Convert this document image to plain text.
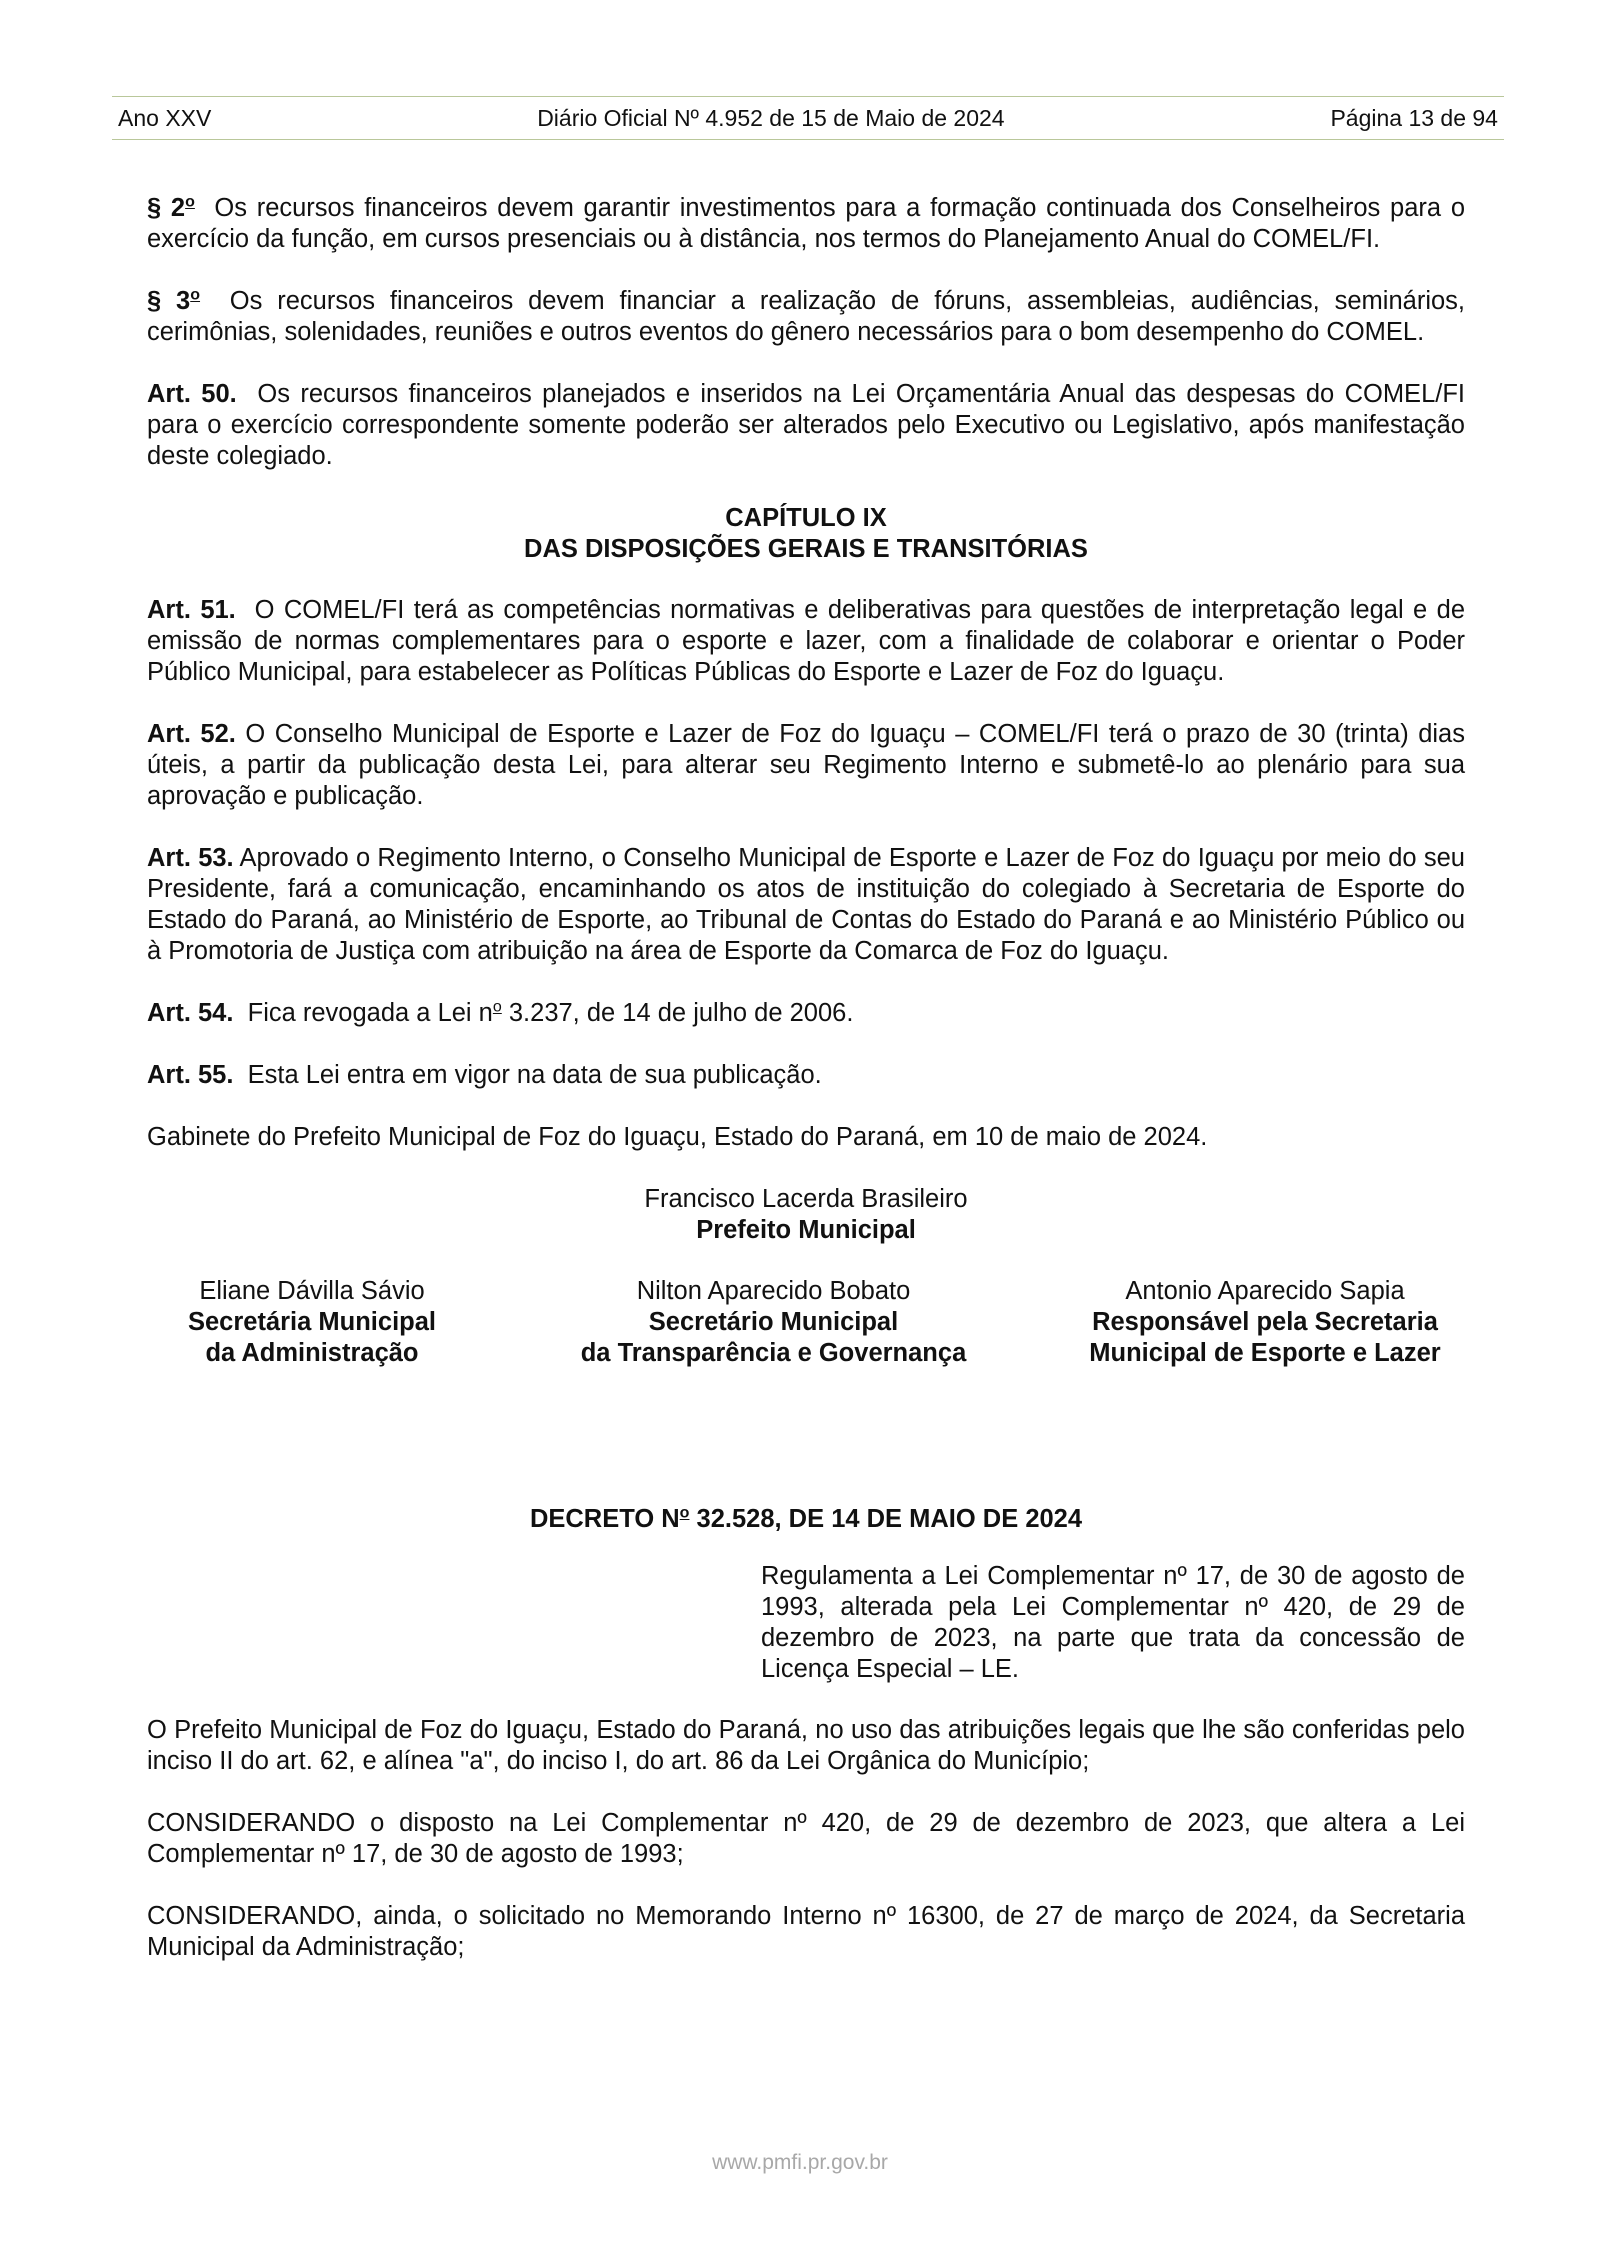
Ano XXV	Diário Oficial Nº 4.952 de 15 de Maio de 2024	Página 13 de 94

§ 2$^o$ Os recursos financeiros devem garantir investimentos para a formação continuada dos Conselheiros para o exercício da função, em cursos presenciais ou à distância, nos termos do Planejamento Anual do COMEL/FI.

§ 3$^o$ Os recursos financeiros devem financiar a realização de fóruns, assembleias, audiências, seminários, cerimônias, solenidades, reuniões e outros eventos do gênero necessários para o bom desempenho do COMEL.

Art. 50. Os recursos financeiros planejados e inseridos na Lei Orçamentária Anual das despesas do COMEL/FI para o exercício correspondente somente poderão ser alterados pelo Executivo ou Legislativo, após manifestação deste colegiado.

CAPÍTULO IX
DAS DISPOSIÇÕES GERAIS E TRANSITÓRIAS

Art. 51. O COMEL/FI terá as competências normativas e deliberativas para questões de interpretação legal e de emissão de normas complementares para o esporte e lazer, com a finalidade de colaborar e orientar o Poder Público Municipal, para estabelecer as Políticas Públicas do Esporte e Lazer de Foz do Iguaçu.

Art. 52. O Conselho Municipal de Esporte e Lazer de Foz do Iguaçu – COMEL/FI terá o prazo de 30 (trinta) dias úteis, a partir da publicação desta Lei, para alterar seu Regimento Interno e submetê-lo ao plenário para sua aprovação e publicação.

Art. 53. Aprovado o Regimento Interno, o Conselho Municipal de Esporte e Lazer de Foz do Iguaçu por meio do seu Presidente, fará a comunicação, encaminhando os atos de instituição do colegiado à Secretaria de Esporte do Estado do Paraná, ao Ministério de Esporte, ao Tribunal de Contas do Estado do Paraná e ao Ministério Público ou à Promotoria de Justiça com atribuição na área de Esporte da Comarca de Foz do Iguaçu.

Art. 54. Fica revogada a Lei $n^o$ 3.237, de 14 de julho de 2006.

Art. 55. Esta Lei entra em vigor na data de sua publicação.

Gabinete do Prefeito Municipal de Foz do Iguaçu, Estado do Paraná, em 10 de maio de 2024.

Francisco Lacerda Brasileiro
Prefeito Municipal
Eliane Dávilla Sávio
Secretária Municipal
da Administração
Nilton Aparecido Bobato
Secretário Municipal
da Transparência e Governança
Antonio Aparecido Sapia
Responsável pela Secretaria
Municipal de Esporte e Lazer
DECRETO $N^o$ 32.528, DE 14 DE MAIO DE 2024

Regulamenta a Lei Complementar nº 17, de 30 de agosto de 1993, alterada pela Lei Complementar nº 420, de 29 de dezembro de 2023, na parte que trata da concessão de Licença Especial – LE.

O Prefeito Municipal de Foz do Iguaçu, Estado do Paraná, no uso das atribuições legais que lhe são conferidas pelo inciso II do art. 62, e alínea "a", do inciso I, do art. 86 da Lei Orgânica do Município;

CONSIDERANDO o disposto na Lei Complementar nº 420, de 29 de dezembro de 2023, que altera a Lei Complementar nº 17, de 30 de agosto de 1993;

CONSIDERANDO, ainda, o solicitado no Memorando Interno nº 16300, de 27 de março de 2024, da Secretaria Municipal da Administração;

www.pmfi.pr.gov.br
